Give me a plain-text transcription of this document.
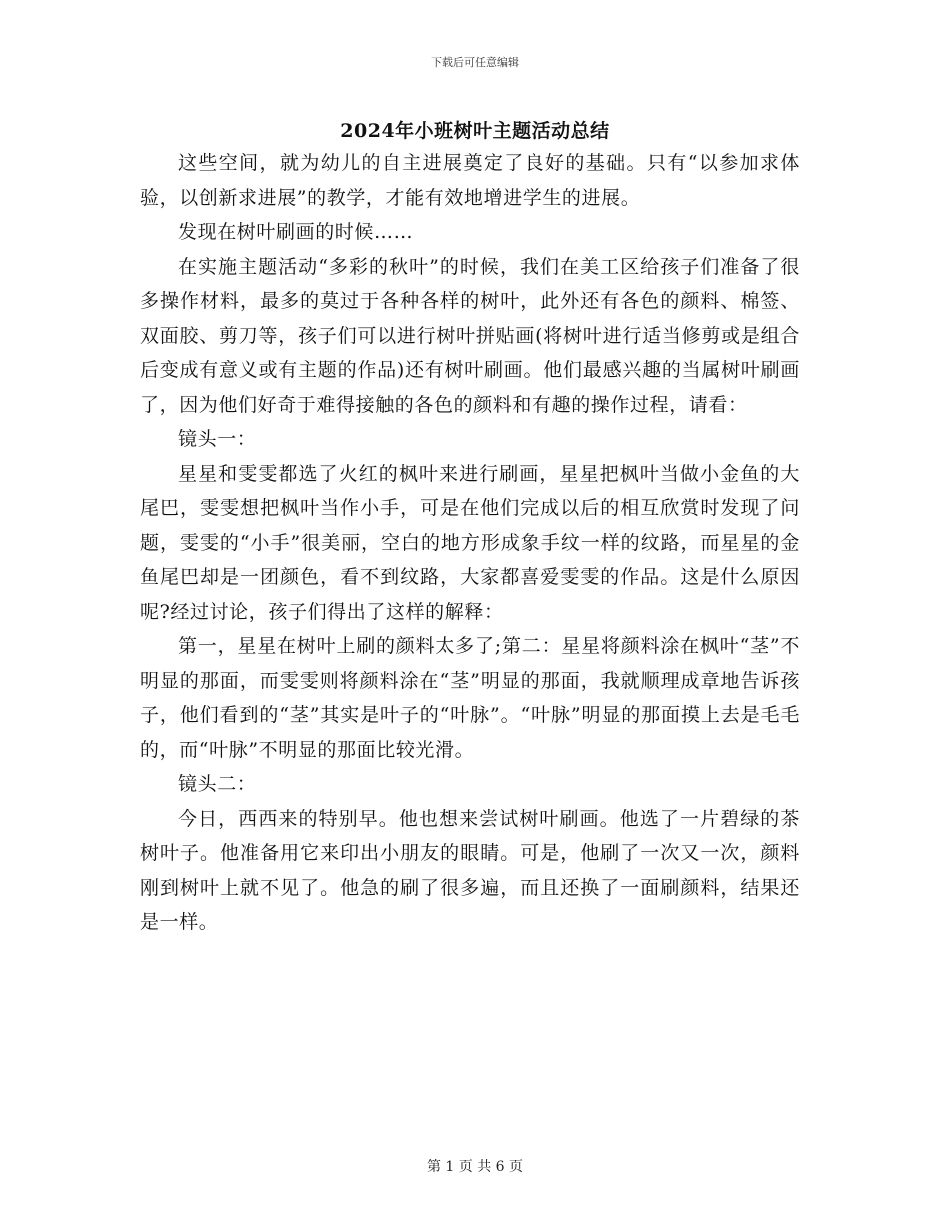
下载后可任意编辑
2024年小班树叶主题活动总结

这些空间，就为幼儿的自主进展奠定了良好的基础。只有“以参加求体验，以创新求进展”的教学，才能有效地增进学生的进展。

发现在树叶刷画的时候……

在实施主题活动“多彩的秋叶”的时候，我们在美工区给孩子们准备了很多操作材料，最多的莫过于各种各样的树叶，此外还有各色的颜料、棉签、双面胶、剪刀等，孩子们可以进行树叶拼贴画(将树叶进行适当修剪或是组合后变成有意义或有主题的作品)还有树叶刷画。他们最感兴趣的当属树叶刷画了，因为他们好奇于难得接触的各色的颜料和有趣的操作过程，请看：

镜头一：

星星和雯雯都选了火红的枫叶来进行刷画，星星把枫叶当做小金鱼的大尾巴，雯雯想把枫叶当作小手，可是在他们完成以后的相互欣赏时发现了问题，雯雯的“小手”很美丽，空白的地方形成象手纹一样的纹路，而星星的金鱼尾巴却是一团颜色，看不到纹路，大家都喜爱雯雯的作品。这是什么原因呢?经过讨论，孩子们得出了这样的解释：

第一，星星在树叶上刷的颜料太多了;第二：星星将颜料涂在枫叶“茎”不明显的那面，而雯雯则将颜料涂在“茎”明显的那面，我就顺理成章地告诉孩子，他们看到的“茎”其实是叶子的“叶脉”。“叶脉”明显的那面摸上去是毛毛的，而“叶脉”不明显的那面比较光滑。

镜头二：

今日，西西来的特别早。他也想来尝试树叶刷画。他选了一片碧绿的茶树叶子。他准备用它来印出小朋友的眼睛。可是，他刷了一次又一次，颜料刚到树叶上就不见了。他急的刷了很多遍，而且还换了一面刷颜料，结果还是一样。

第 1 页 共 6 页
